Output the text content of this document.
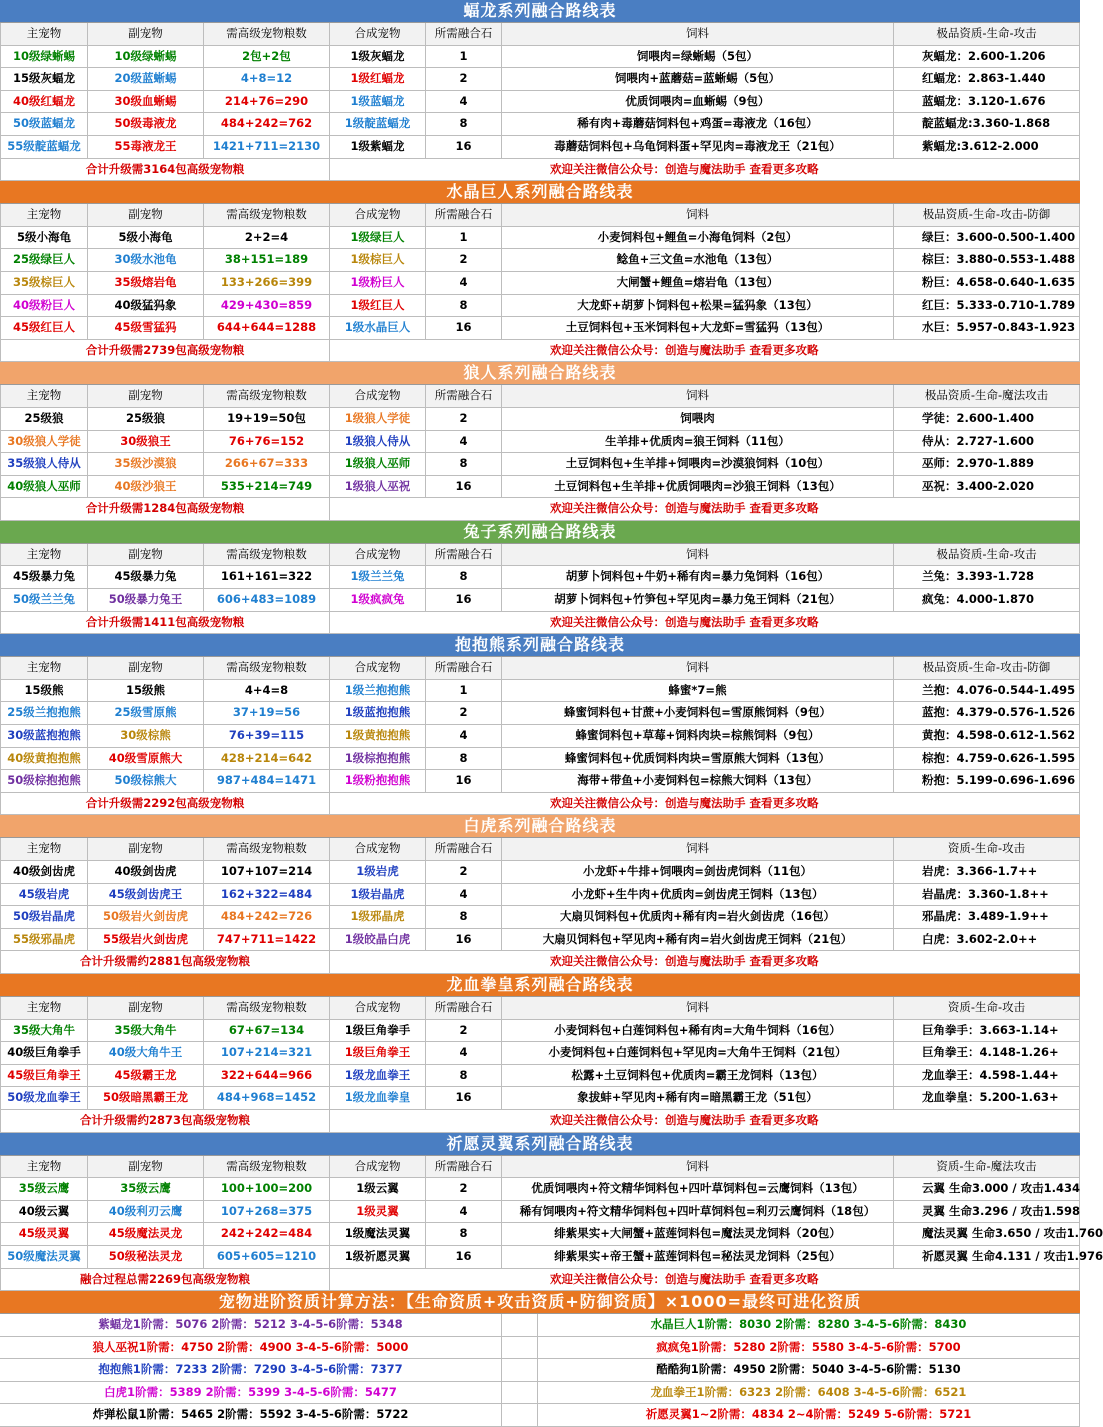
蝠龙系列融合路线表
主宠物	副宠物	需高级宠物粮数	合成宠物	所需融合石	饲料	极品资质-生命-攻击
10级绿蜥蜴	10级绿蜥蜴	2包+2包	1级灰蝠龙	1	饲喂肉=绿蜥蜴（5包）	灰蝠龙：2.600-1.206
15级灰蝠龙	20级蓝蜥蜴	4+8=12	1级红蝠龙	2	饲喂肉+蓝蘑菇=蓝蜥蜴（5包）	红蝠龙：2.863-1.440
40级红蝠龙	30级血蜥蜴	214+76=290	1级蓝蝠龙	4	优质饲喂肉=血蜥蜴（9包）	蓝蝠龙：3.120-1.676
50级蓝蝠龙	50级毒液龙	484+242=762	1级靛蓝蝠龙	8	稀有肉+毒蘑菇饲料包+鸡蛋=毒液龙（16包）	靛蓝蝠龙:3.360-1.868
55级靛蓝蝠龙	55毒液龙王	1421+711=2130	1级紫蝠龙	16	毒蘑菇饲料包+乌龟饲料蛋+罕见肉=毒液龙王（21包）	紫蝠龙:3.612-2.000
合计升级需3164包高级宠物粮	欢迎关注微信公众号：创造与魔法助手 查看更多攻略
水晶巨人系列融合路线表
主宠物	副宠物	需高级宠物粮数	合成宠物	所需融合石	饲料	极品资质-生命-攻击-防御
5级小海龟	5级小海龟	2+2=4	1级绿巨人	1	小麦饲料包+鲤鱼=小海龟饲料（2包）	绿巨：3.600-0.500-1.400
25级绿巨人	30级水池龟	38+151=189	1级棕巨人	2	鲶鱼+三文鱼=水池龟（13包）	棕巨：3.880-0.553-1.488
35级棕巨人	35级熔岩龟	133+266=399	1级粉巨人	4	大闸蟹+鲤鱼=熔岩龟（13包）	粉巨：4.658-0.640-1.635
40级粉巨人	40级猛犸象	429+430=859	1级红巨人	8	大龙虾+胡萝卜饲料包+松果=猛犸象（13包）	红巨：5.333-0.710-1.789
45级红巨人	45级雪猛犸	644+644=1288	1级水晶巨人	16	土豆饲料包+玉米饲料包+大龙虾=雪猛犸（13包）	水巨：5.957-0.843-1.923
合计升级需2739包高级宠物粮	欢迎关注微信公众号：创造与魔法助手 查看更多攻略
狼人系列融合路线表
主宠物	副宠物	需高级宠物粮数	合成宠物	所需融合石	饲料	极品资质-生命-魔法攻击
25级狼	25级狼	19+19=50包	1级狼人学徒	2	饲喂肉	学徒：2.600-1.400
30级狼人学徒	30级狼王	76+76=152	1级狼人侍从	4	生羊排+优质肉=狼王饲料（11包）	侍从：2.727-1.600
35级狼人侍从	35级沙漠狼	266+67=333	1级狼人巫师	8	土豆饲料包+生羊排+饲喂肉=沙漠狼饲料（10包）	巫师：2.970-1.889
40级狼人巫师	40级沙狼王	535+214=749	1级狼人巫祝	16	土豆饲料包+生羊排+优质饲喂肉=沙狼王饲料（13包）	巫祝：3.400-2.020
合计升级需1284包高级宠物粮	欢迎关注微信公众号：创造与魔法助手 查看更多攻略
兔子系列融合路线表
主宠物	副宠物	需高级宠物粮数	合成宠物	所需融合石	饲料	极品资质-生命-攻击
45级暴力兔	45级暴力兔	161+161=322	1级兰兰兔	8	胡萝卜饲料包+牛奶+稀有肉=暴力兔饲料（16包）	兰兔：3.393-1.728
50级兰兰兔	50级暴力兔王	606+483=1089	1级疯疯兔	16	胡萝卜饲料包+竹笋包+罕见肉=暴力兔王饲料（21包）	疯兔：4.000-1.870
合计升级需1411包高级宠物粮	欢迎关注微信公众号：创造与魔法助手 查看更多攻略
抱抱熊系列融合路线表
主宠物	副宠物	需高级宠物粮数	合成宠物	所需融合石	饲料	极品资质-生命-攻击-防御
15级熊	15级熊	4+4=8	1级兰抱抱熊	1	蜂蜜*7=熊	兰抱：4.076-0.544-1.495
25级兰抱抱熊	25级雪原熊	37+19=56	1级蓝抱抱熊	2	蜂蜜饲料包+甘蔗+小麦饲料包=雪原熊饲料（9包）	蓝抱：4.379-0.576-1.526
30级蓝抱抱熊	30级棕熊	76+39=115	1级黄抱抱熊	4	蜂蜜饲料包+草莓+饲料肉块=棕熊饲料（9包）	黄抱：4.598-0.612-1.562
40级黄抱抱熊	40级雪原熊大	428+214=642	1级棕抱抱熊	8	蜂蜜饲料包+优质饲料肉块=雪原熊大饲料（13包）	棕抱：4.759-0.626-1.595
50级棕抱抱熊	50级棕熊大	987+484=1471	1级粉抱抱熊	16	海带+带鱼+小麦饲料包=棕熊大饲料（13包）	粉抱：5.199-0.696-1.696
合计升级需2292包高级宠物粮	欢迎关注微信公众号：创造与魔法助手 查看更多攻略
白虎系列融合路线表
主宠物	副宠物	需高级宠物粮数	合成宠物	所需融合石	饲料	资质-生命-攻击
40级剑齿虎	40级剑齿虎	107+107=214	1级岩虎	2	小龙虾+牛排+饲喂肉=剑齿虎饲料（11包）	岩虎：3.366-1.7++
45级岩虎	45级剑齿虎王	162+322=484	1级岩晶虎	4	小龙虾+生牛肉+优质肉=剑齿虎王饲料（13包）	岩晶虎：3.360-1.8++
50级岩晶虎	50级岩火剑齿虎	484+242=726	1级邪晶虎	8	大扇贝饲料包+优质肉+稀有肉=岩火剑齿虎（16包）	邪晶虎：3.489-1.9++
55级邪晶虎	55级岩火剑齿虎	747+711=1422	1级皎晶白虎	16	大扇贝饲料包+罕见肉+稀有肉=岩火剑齿虎王饲料（21包）	白虎：3.602-2.0++
合计升级需约2881包高级宠物粮	欢迎关注微信公众号：创造与魔法助手 查看更多攻略
龙血拳皇系列融合路线表
主宠物	副宠物	需高级宠物粮数	合成宠物	所需融合石	饲料	资质-生命-攻击
35级大角牛	35级大角牛	67+67=134	1级巨角拳手	2	小麦饲料包+白莲饲料包+稀有肉=大角牛饲料（16包）	巨角拳手：3.663-1.14+
40级巨角拳手	40级大角牛王	107+214=321	1级巨角拳王	4	小麦饲料包+白莲饲料包+罕见肉=大角牛王饲料（21包）	巨角拳王：4.148-1.26+
45级巨角拳王	45级霸王龙	322+644=966	1级龙血拳王	8	松露+土豆饲料包+优质肉=霸王龙饲料（13包）	龙血拳王：4.598-1.44+
50级龙血拳王	50级暗黑霸王龙	484+968=1452	1级龙血拳皇	16	象拔蚌+罕见肉+稀有肉=暗黑霸王龙（51包）	龙血拳皇：5.200-1.63+
合计升级需约2873包高级宠物粮	欢迎关注微信公众号：创造与魔法助手 查看更多攻略
祈愿灵翼系列融合路线表
主宠物	副宠物	需高级宠物粮数	合成宠物	所需融合石	饲料	资质-生命-魔法攻击
35级云鹰	35级云鹰	100+100=200	1级云翼	2	优质饲喂肉+符文精华饲料包+四叶草饲料包=云鹰饲料（13包）	云翼 生命3.000 / 攻击1.434
40级云翼	40级利刃云鹰	107+268=375	1级灵翼	4	稀有饲喂肉+符文精华饲料包+四叶草饲料包=利刃云鹰饲料（18包）	灵翼 生命3.296 / 攻击1.598
45级灵翼	45级魔法灵龙	242+242=484	1级魔法灵翼	8	绯紫果实+大闸蟹+蓝莲饲料包=魔法灵龙饲料（20包）	魔法灵翼 生命3.650 / 攻击1.760
50级魔法灵翼	50级秘法灵龙	605+605=1210	1级祈愿灵翼	16	绯紫果实+帝王蟹+蓝莲饲料包=秘法灵龙饲料（25包）	祈愿灵翼 生命4.131 / 攻击1.976
融合过程总需2269包高级宠物粮	欢迎关注微信公众号：创造与魔法助手 查看更多攻略
宠物进阶资质计算方法：【生命资质+攻击资质+防御资质】×1000=最终可进化资质
紫蝠龙1阶需：5076 2阶需：5212 3-4-5-6阶需：5348	水晶巨人1阶需：8030 2阶需：8280 3-4-5-6阶需：8430
狼人巫祝1阶需：4750 2阶需：4900 3-4-5-6阶需：5000	疯疯兔1阶需：5280 2阶需：5580 3-4-5-6阶需：5700
抱抱熊1阶需：7233 2阶需：7290 3-4-5-6阶需：7377	酷酷狗1阶需：4950 2阶需：5040 3-4-5-6阶需：5130
白虎1阶需：5389 2阶需：5399 3-4-5-6阶需：5477	龙血拳王1阶需：6323 2阶需：6408 3-4-5-6阶需：6521
炸弹松鼠1阶需：5465 2阶需：5592 3-4-5-6阶需：5722	祈愿灵翼1~2阶需：4834 2~4阶需：5249 5-6阶需：5721
